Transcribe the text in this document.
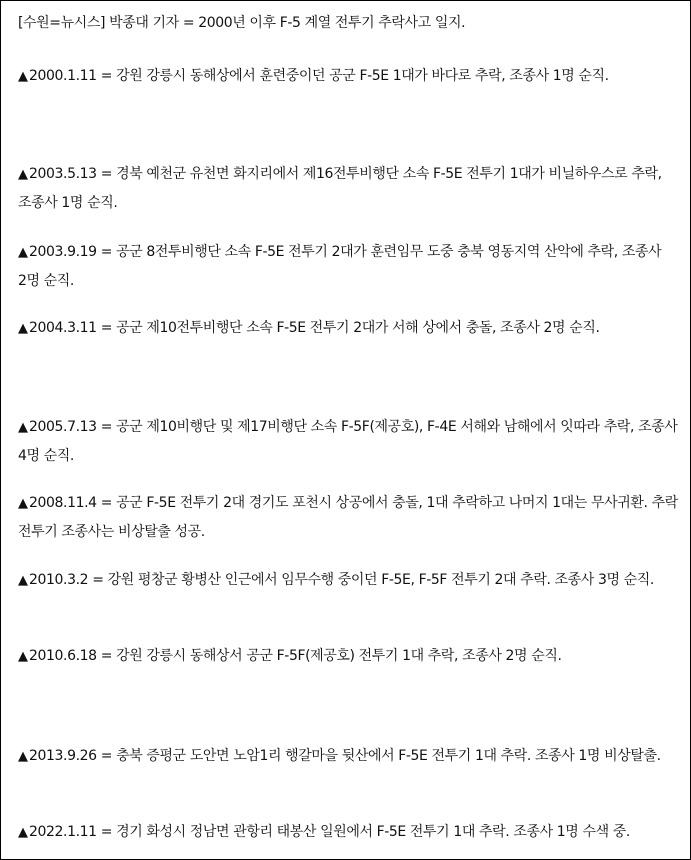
[수원=뉴시스] 박종대 기자 = 2000년 이후 F-5 계열 전투기 추락사고 일지.

▲2000.1.11 = 강원 강릉시 동해상에서 훈련중이던 공군 F-5E 1대가 바다로 추락, 조종사 1명 순직.

▲2003.5.13 = 경북 예천군 유천면 화지리에서 제16전투비행단 소속 F-5E 전투기 1대가 비닐하우스로 추락, 조종사 1명 순직.

▲2003.9.19 = 공군 8전투비행단 소속 F-5E 전투기 2대가 훈련임무 도중 충북 영동지역 산악에 추락, 조종사 2명 순직.

▲2004.3.11 = 공군 제10전투비행단 소속 F-5E 전투기 2대가 서해 상에서 충돌, 조종사 2명 순직.

▲2005.7.13 = 공군 제10비행단 및 제17비행단 소속 F-5F(제공호), F-4E 서해와 남해에서 잇따라 추락, 조종사 4명 순직.

▲2008.11.4 = 공군 F-5E 전투기 2대 경기도 포천시 상공에서 충돌, 1대 추락하고 나머지 1대는 무사귀환. 추락 전투기 조종사는 비상탈출 성공.

▲2010.3.2 = 강원 평창군 황병산 인근에서 임무수행 중이던 F-5E, F-5F 전투기 2대 추락. 조종사 3명 순직.

▲2010.6.18 = 강원 강릉시 동해상서 공군 F-5F(제공호) 전투기 1대 추락, 조종사 2명 순직.

▲2013.9.26 = 충북 증평군 도안면 노암1리 행갈마을 뒷산에서 F-5E 전투기 1대 추락. 조종사 1명 비상탈출.

▲2022.1.11 = 경기 화성시 정남면 관항리 태봉산 일원에서 F-5E 전투기 1대 추락. 조종사 1명 수색 중.
